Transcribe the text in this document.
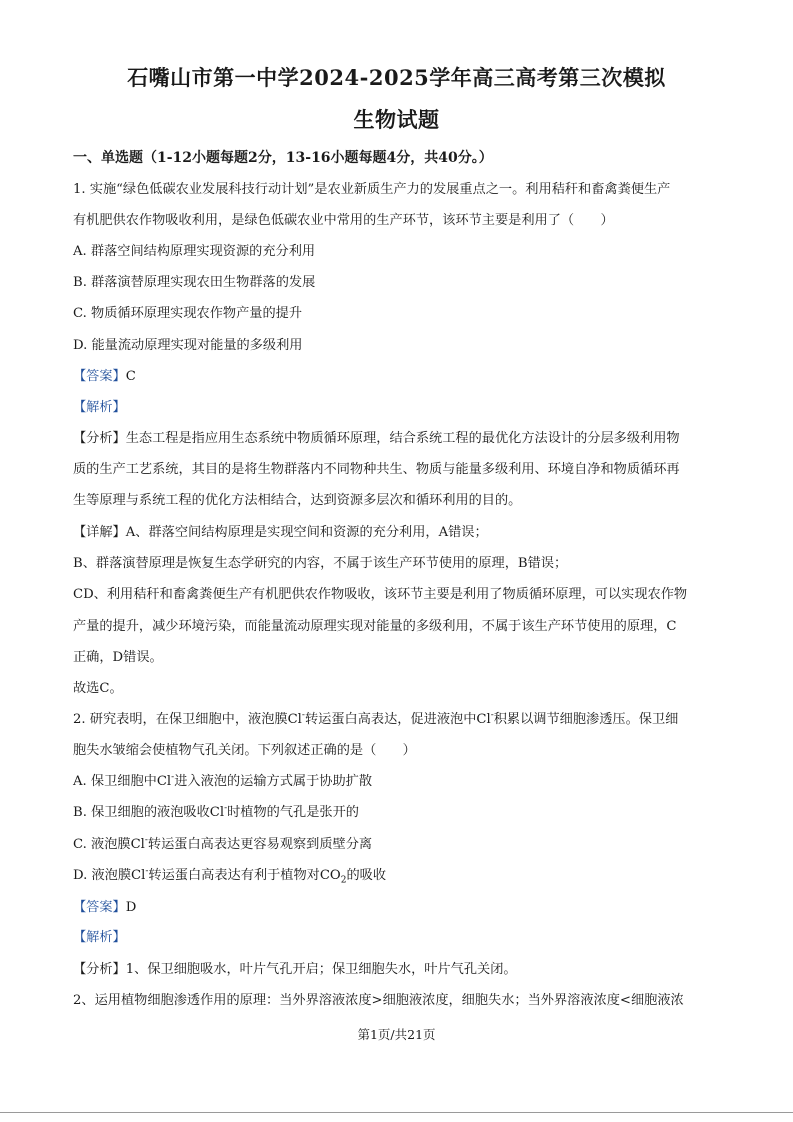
石嘴山市第一中学2024-2025学年高三高考第三次模拟
生物试题
一、单选题（1-12小题每题2分，13-16小题每题4分，共40分。）
1. 实施“绿色低碳农业发展科技行动计划”是农业新质生产力的发展重点之一。利用秸秆和畜禽粪便生产
有机肥供农作物吸收利用，是绿色低碳农业中常用的生产环节，该环节主要是利用了（　　）
A. 群落空间结构原理实现资源的充分利用
B. 群落演替原理实现农田生物群落的发展
C. 物质循环原理实现农作物产量的提升
D. 能量流动原理实现对能量的多级利用
【答案】C
【解析】
【分析】生态工程是指应用生态系统中物质循环原理，结合系统工程的最优化方法设计的分层多级利用物
质的生产工艺系统，其目的是将生物群落内不同物种共生、物质与能量多级利用、环境自净和物质循环再
生等原理与系统工程的优化方法相结合，达到资源多层次和循环利用的目的。
【详解】A、群落空间结构原理是实现空间和资源的充分利用，A错误；
B、群落演替原理是恢复生态学研究的内容，不属于该生产环节使用的原理，B错误；
CD、利用秸秆和畜禽粪便生产有机肥供农作物吸收，该环节主要是利用了物质循环原理，可以实现农作物
产量的提升，减少环境污染，而能量流动原理实现对能量的多级利用，不属于该生产环节使用的原理，C
正确，D错误。
故选C。
2. 研究表明，在保卫细胞中，液泡膜Cl-转运蛋白高表达，促进液泡中Cl-积累以调节细胞渗透压。保卫细
胞失水皱缩会使植物气孔关闭。下列叙述正确的是（　　）
A. 保卫细胞中Cl-进入液泡的运输方式属于协助扩散
B. 保卫细胞的液泡吸收Cl-时植物的气孔是张开的
C. 液泡膜Cl-转运蛋白高表达更容易观察到质壁分离
D. 液泡膜Cl-转运蛋白高表达有利于植物对$CO_2$的吸收
【答案】D
【解析】
【分析】1、保卫细胞吸水，叶片气孔开启；保卫细胞失水，叶片气孔关闭。
2、运用植物细胞渗透作用的原理：当外界溶液浓度>细胞液浓度，细胞失水；当外界溶液浓度<细胞液浓
第1页/共21页
